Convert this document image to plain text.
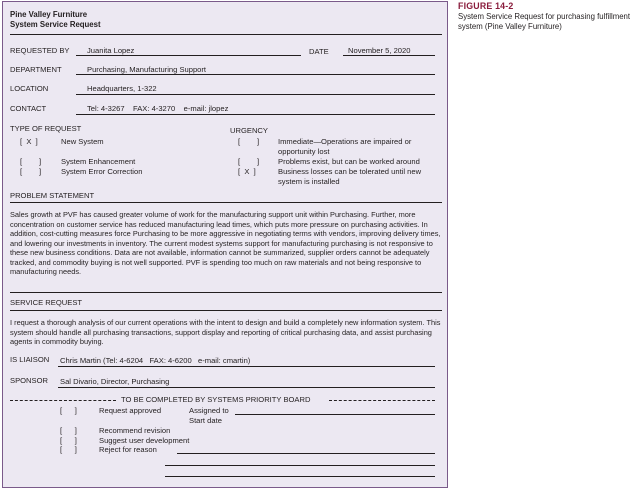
FIGURE 14-2
System Service Request for purchasing fulfillment system (Pine Valley Furniture)
Pine Valley Furniture
System Service Request
REQUESTED BY Juanita Lopez	DATE	November 5, 2020
DEPARTMENT	Purchasing, Manufacturing Support
LOCATION	Headquarters, 1-322
CONTACT	Tel: 4-3267    FAX: 4-3270    e-mail: jlopez
TYPE OF REQUEST
[  X  ]	New System
[        ]	System Enhancement
[        ]	System Error Correction
URGENCY
[        ] Immediate—Operations are impaired or
opportunity lost
[        ] Problems exist, but can be worked around
[  X  ]	Business losses can be tolerated until new
system is installed
PROBLEM STATEMENT
Sales growth at PVF has caused greater volume of work for the manufacturing support unit within Purchasing. Further, more concentration on customer service has reduced manufacturing lead times, which puts more pressure on purchasing activities. In addition, cost-cutting measures force Purchasing to be more aggressive in negotiating terms with vendors, improving delivery times, and lowering our investments in inventory. The current modest systems support for manufacturing purchasing is not responsive to these new business conditions. Data are not available, information cannot be summarized, supplier orders cannot be adequately tracked, and commodity buying is not well supported. PVF is spending too much on raw materials and not being responsive to manufacturing needs.
SERVICE REQUEST
I request a thorough analysis of our current operations with the intent to design and build a completely new information system. This system should handle all purchasing transactions, support display and reporting of critical purchasing data, and assist purchasing agents in commodity buying.
IS LIAISON Chris Martin (Tel: 4-6204   FAX: 4-6200   e-mail: cmartin)
SPONSOR Sal Divario, Director, Purchasing
TO BE COMPLETED BY SYSTEMS PRIORITY BOARD
[      ]	Request approved	Assigned to
Start date
[      ]	Recommend revision
[      ]	Suggest user development
[      ]	Reject for reason
